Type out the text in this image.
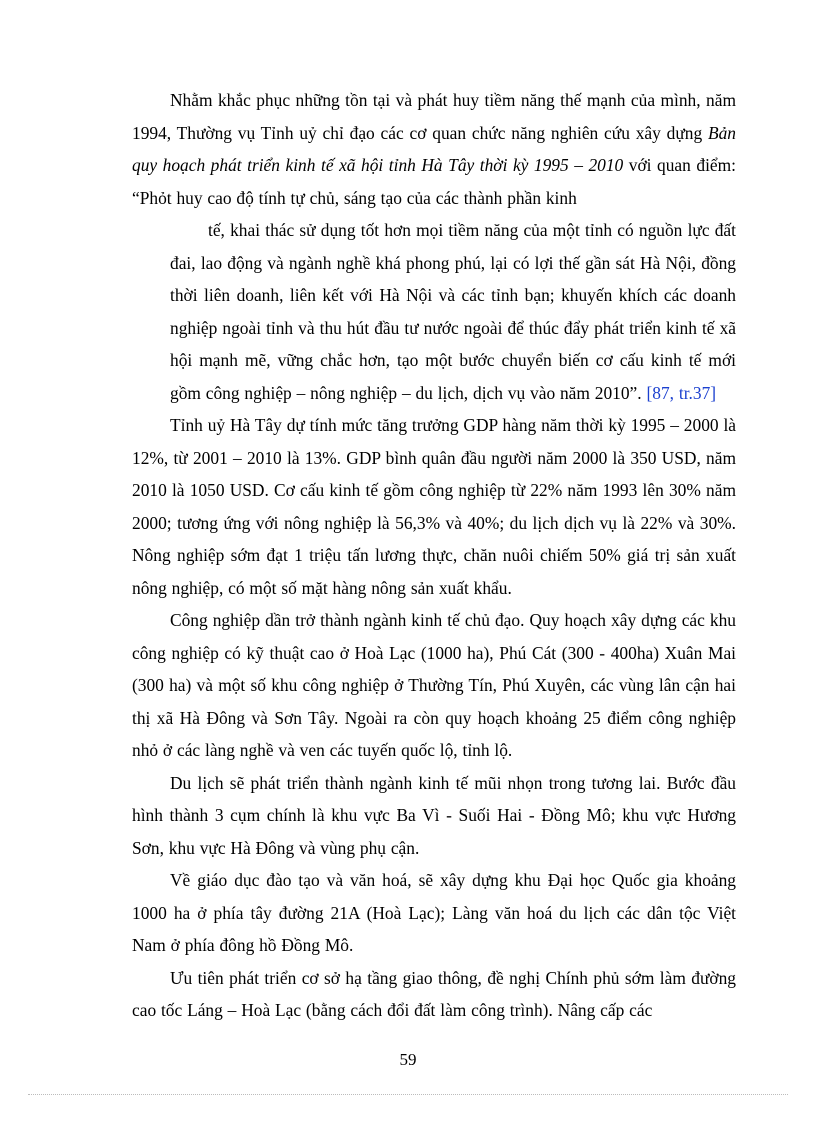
Nhằm khắc phục những tồn tại và phát huy tiềm năng thế mạnh của mình, năm 1994, Thường vụ Tỉnh uỷ chỉ đạo các cơ quan chức năng nghiên cứu xây dựng Bản quy hoạch phát triển kinh tế xã hội tỉnh Hà Tây thời kỳ 1995 – 2010 với quan điểm: “Phỏt huy cao độ tính tự chủ, sáng tạo của các thành phần kinh

tế, khai thác sử dụng tốt hơn mọi tiềm năng của một tỉnh có nguồn lực đất đai, lao động và ngành nghề khá phong phú, lại có lợi thế gần sát Hà Nội, đồng thời liên doanh, liên kết với Hà Nội và các tỉnh bạn; khuyến khích các doanh nghiệp ngoài tỉnh và thu hút đầu tư nước ngoài để thúc đẩy phát triển kinh tế xã hội mạnh mẽ, vững chắc hơn, tạo một bước chuyển biến cơ cấu kinh tế mới gồm công nghiệp – nông nghiệp – du lịch, dịch vụ vào năm 2010”. [87, tr.37]

Tỉnh uỷ Hà Tây dự tính mức tăng trưởng GDP hàng năm thời kỳ 1995 – 2000 là 12%, từ 2001 – 2010 là 13%. GDP bình quân đầu người năm 2000 là 350 USD, năm 2010 là 1050 USD. Cơ cấu kinh tế gồm công nghiệp từ 22% năm 1993 lên 30% năm 2000; tương ứng với nông nghiệp là 56,3% và 40%; du lịch dịch vụ là 22% và 30%. Nông nghiệp sớm đạt 1 triệu tấn lương thực, chăn nuôi chiếm 50% giá trị sản xuất nông nghiệp, có một số mặt hàng nông sản xuất khẩu.

Công nghiệp dần trở thành ngành kinh tế chủ đạo. Quy hoạch xây dựng các khu công nghiệp có kỹ thuật cao ở Hoà Lạc (1000 ha), Phú Cát (300 - 400ha) Xuân Mai (300 ha) và một số khu công nghiệp ở Thường Tín, Phú Xuyên, các vùng lân cận hai thị xã Hà Đông và Sơn Tây. Ngoài ra còn quy hoạch khoảng 25 điểm công nghiệp nhỏ ở các làng nghề và ven các tuyến quốc lộ, tỉnh lộ.

Du lịch sẽ phát triển thành ngành kinh tế mũi nhọn trong tương lai. Bước đầu hình thành 3 cụm chính là khu vực Ba Vì - Suối Hai - Đồng Mô; khu vực Hương Sơn, khu vực Hà Đông và vùng phụ cận.

Về giáo dục đào tạo và văn hoá, sẽ xây dựng khu Đại học Quốc gia khoảng 1000 ha ở phía tây đường 21A (Hoà Lạc); Làng văn hoá du lịch các dân tộc Việt Nam ở phía đông hồ Đồng Mô.

Ưu tiên phát triển cơ sở hạ tầng giao thông, đề nghị Chính phủ sớm làm đường cao tốc Láng – Hoà Lạc (bằng cách đổi đất làm công trình). Nâng cấp các

59
